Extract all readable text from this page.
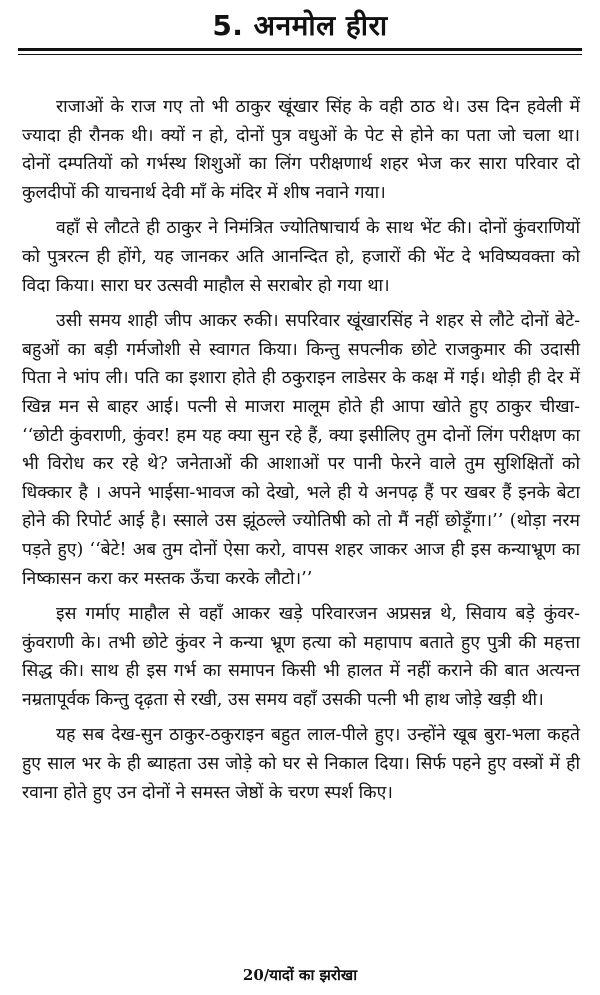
5. अनमोल हीरा

राजाओं के राज गए तो भी ठाकुर खूंखार सिंह के वही ठाठ थे। उस दिन हवेली में ज्यादा ही रौनक थी। क्यों न हो, दोनों पुत्र वधुओं के पेट से होने का पता जो चला था। दोनों दम्पतियों को गर्भस्थ शिशुओं का लिंग परीक्षणार्थ शहर भेज कर सारा परिवार दो कुलदीपों की याचनार्थ देवी माँ के मंदिर में शीष नवाने गया।

वहाँ से लौटते ही ठाकुर ने निमंत्रित ज्योतिषाचार्य के साथ भेंट की। दोनों कुंवराणियों को पुत्ररत्न ही होंगे, यह जानकर अति आनन्दित हो, हजारों की भेंट दे भविष्यवक्ता को विदा किया। सारा घर उत्सवी माहौल से सराबोर हो गया था।

उसी समय शाही जीप आकर रुकी। सपरिवार खूंखारसिंह ने शहर से लौटे दोनों बेटे-बहुओं का बड़ी गर्मजोशी से स्वागत किया। किन्तु सपत्नीक छोटे राजकुमार की उदासी पिता ने भांप ली। पति का इशारा होते ही ठकुराइन लाडेसर के कक्ष में गई। थोड़ी ही देर में खिन्न मन से बाहर आई। पत्नी से माजरा मालूम होते ही आपा खोते हुए ठाकुर चीखा- ‘‘छोटी कुंवराणी, कुंवर! हम यह क्या सुन रहे हैं, क्या इसीलिए तुम दोनों लिंग परीक्षण का भी विरोध कर रहे थे? जनेताओं की आशाओं पर पानी फेरने वाले तुम सुशिक्षितों को धिक्कार है । अपने भाईसा-भावज को देखो, भले ही ये अनपढ़ हैं पर खबर हैं इनके बेटा होने की रिपोर्ट आई है। स्साले उस झूंठल्ले ज्योतिषी को तो मैं नहीं छोड़ूँगा।’’ (थोड़ा नरम पड़ते हुए) ‘‘बेटे! अब तुम दोनों ऐसा करो, वापस शहर जाकर आज ही इस कन्याभ्रूण का निष्कासन करा कर मस्तक ऊँचा करके लौटो।’’

इस गर्माए माहौल से वहाँ आकर खड़े परिवारजन अप्रसन्न थे, सिवाय बड़े कुंवर-कुंवराणी के। तभी छोटे कुंवर ने कन्या भ्रूण हत्या को महापाप बताते हुए पुत्री की महत्ता सिद्ध की। साथ ही इस गर्भ का समापन किसी भी हालत में नहीं कराने की बात अत्यन्त नम्रतापूर्वक किन्तु दृढ़ता से रखी, उस समय वहाँ उसकी पत्नी भी हाथ जोड़े खड़ी थी।

यह सब देख-सुन ठाकुर-ठकुराइन बहुत लाल-पीले हुए। उन्होंने खूब बुरा-भला कहते हुए साल भर के ही ब्याहता उस जोड़े को घर से निकाल दिया। सिर्फ पहने हुए वस्त्रों में ही रवाना होते हुए उन दोनों ने समस्त जेष्ठों के चरण स्पर्श किए।

20/यादों का झरोखा
